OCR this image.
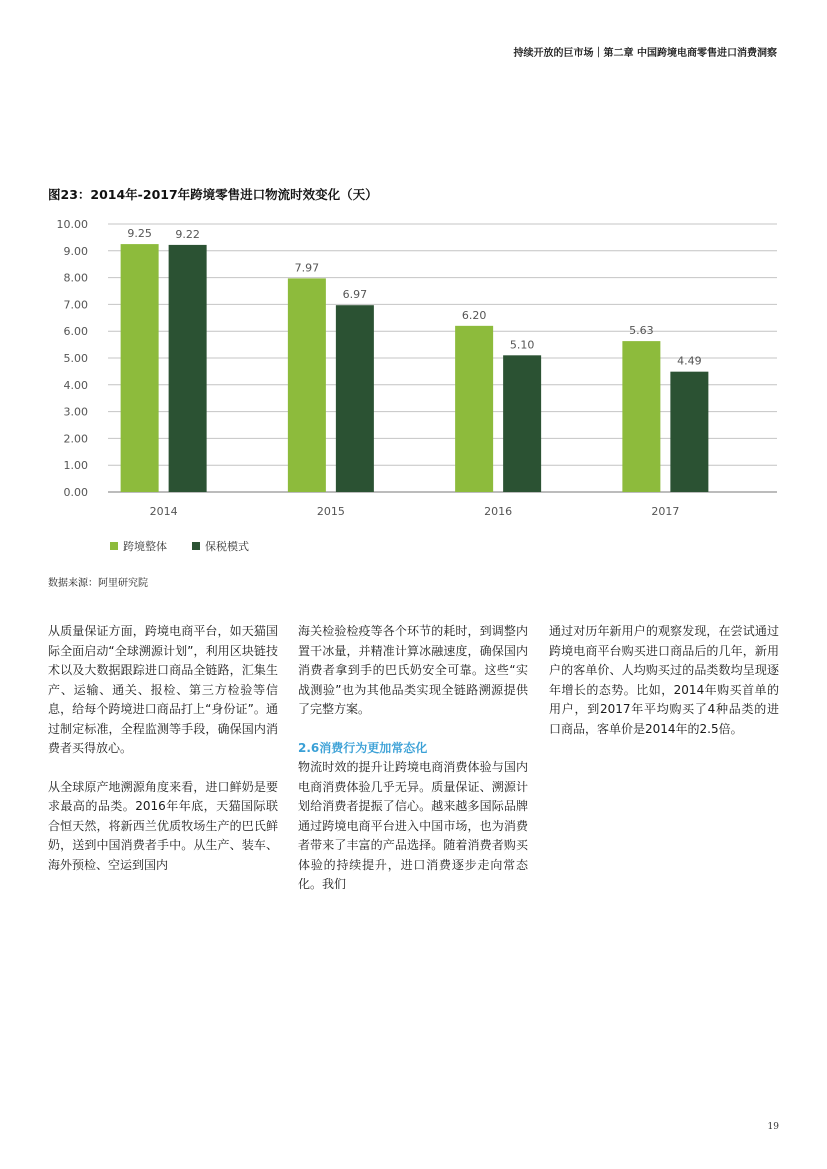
持续开放的巨市场｜第二章 中国跨境电商零售进口消费洞察
图23：2014年-2017年跨境零售进口物流时效变化（天）
0.00
1.00
2.00
3.00
4.00
5.00
6.00
7.00
8.00
9.00
10.00
9.25 9.22
2014
7.97
6.97
2015
6.20
5.10
2016
5.63
4.49
2017
跨境整体	保税模式
数据来源：阿里研究院

从质量保证方面，跨境电商平台，如天猫国际全面启动“全球溯源计划”，利用区块链技术以及大数据跟踪进口商品全链路，汇集生产、运输、通关、报检、第三方检验等信息，给每个跨境进口商品打上“身份证”。通过制定标准，全程监测等手段，确保国内消费者买得放心。

从全球原产地溯源角度来看，进口鲜奶是要求最高的品类。2016年年底，天猫国际联合恒天然，将新西兰优质牧场生产的巴氏鲜奶，送到中国消费者手中。从生产、装车、海外预检、空运到国内

海关检验检疫等各个环节的耗时，到调整内置干冰量，并精准计算冰融速度，确保国内消费者拿到手的巴氏奶安全可靠。这些“实战测验”也为其他品类实现全链路溯源提供了完整方案。

2.6消费行为更加常态化

物流时效的提升让跨境电商消费体验与国内电商消费体验几乎无异。质量保证、溯源计划给消费者提振了信心。越来越多国际品牌通过跨境电商平台进入中国市场，也为消费者带来了丰富的产品选择。随着消费者购买体验的持续提升，进口消费逐步走向常态化。我们

通过对历年新用户的观察发现，在尝试通过跨境电商平台购买进口商品后的几年，新用户的客单价、人均购买过的品类数均呈现逐年增长的态势。比如，2014年购买首单的用户，到2017年平均购买了4种品类的进口商品，客单价是2014年的2.5倍。

19
